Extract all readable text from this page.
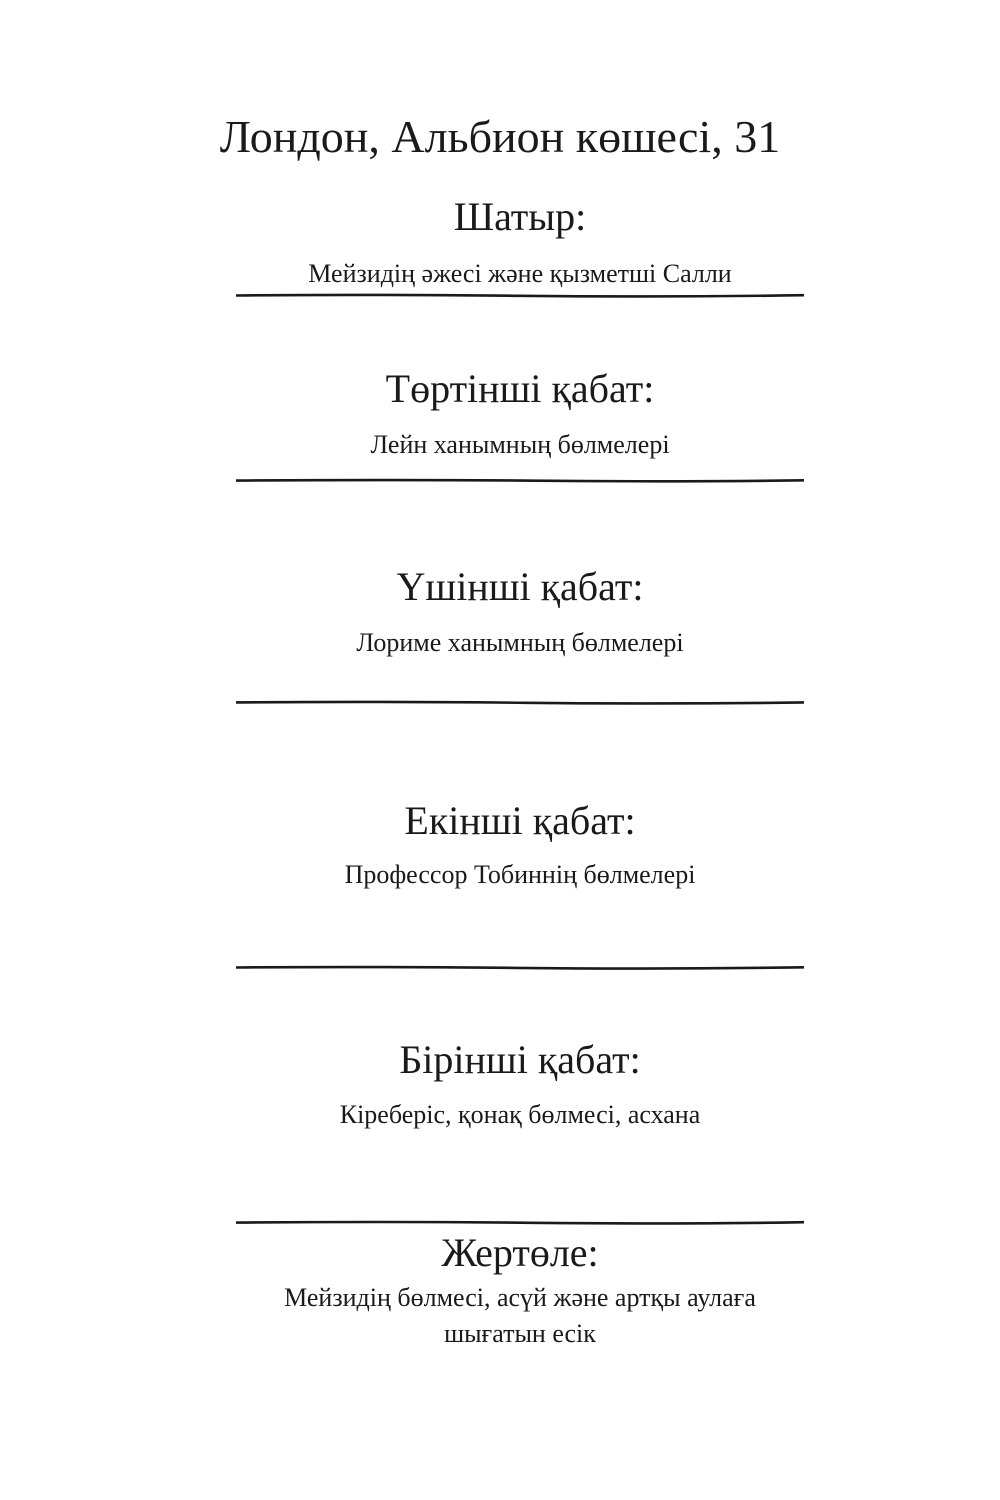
Лондон, Альбион көшесі, 31
Шатыр:

Мейзидің әжесі және қызметші Салли

Төртінші қабат:

Лейн ханымның бөлмелері

Үшінші қабат:

Лориме ханымның бөлмелері

Екінші қабат:

Профессор Тобиннің бөлмелері

Бірінші қабат:

Кіреберіс, қонақ бөлмесі, асхана

Жертөле:

Мейзидің бөлмесі, асүй және артқы аулаға шығатын есік
